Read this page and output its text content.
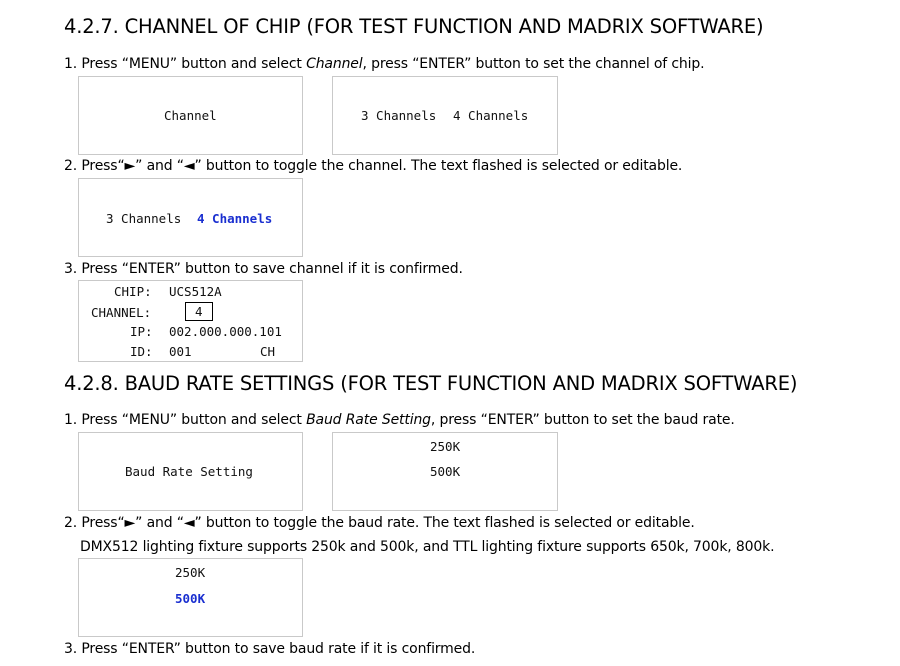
4.2.7. CHANNEL OF CHIP (FOR TEST FUNCTION AND MADRIX SOFTWARE)

1. Press “MENU” button and select Channel, press “ENTER” button to set the channel of chip.

Channel	3 Channels 4 Channels

2. Press“►” and “◄” button to toggle the channel. The text flashed is selected or editable.

3 Channels 4 Channels

3. Press “ENTER” button to save channel if it is confirmed.

CHIP: UCS512A
CHANNEL:	4
IP: 002.000.000.101
ID: 001	CH
4.2.8. BAUD RATE SETTINGS (FOR TEST FUNCTION AND MADRIX SOFTWARE)

1. Press “MENU” button and select Baud Rate Setting, press “ENTER” button to set the baud rate.

Baud Rate Setting
250K
500K

2. Press“►” and “◄” button to toggle the baud rate. The text flashed is selected or editable.

DMX512 lighting fixture supports 250k and 500k, and TTL lighting fixture supports 650k, 700k, 800k.

250K
500K

3. Press “ENTER” button to save baud rate if it is confirmed.
